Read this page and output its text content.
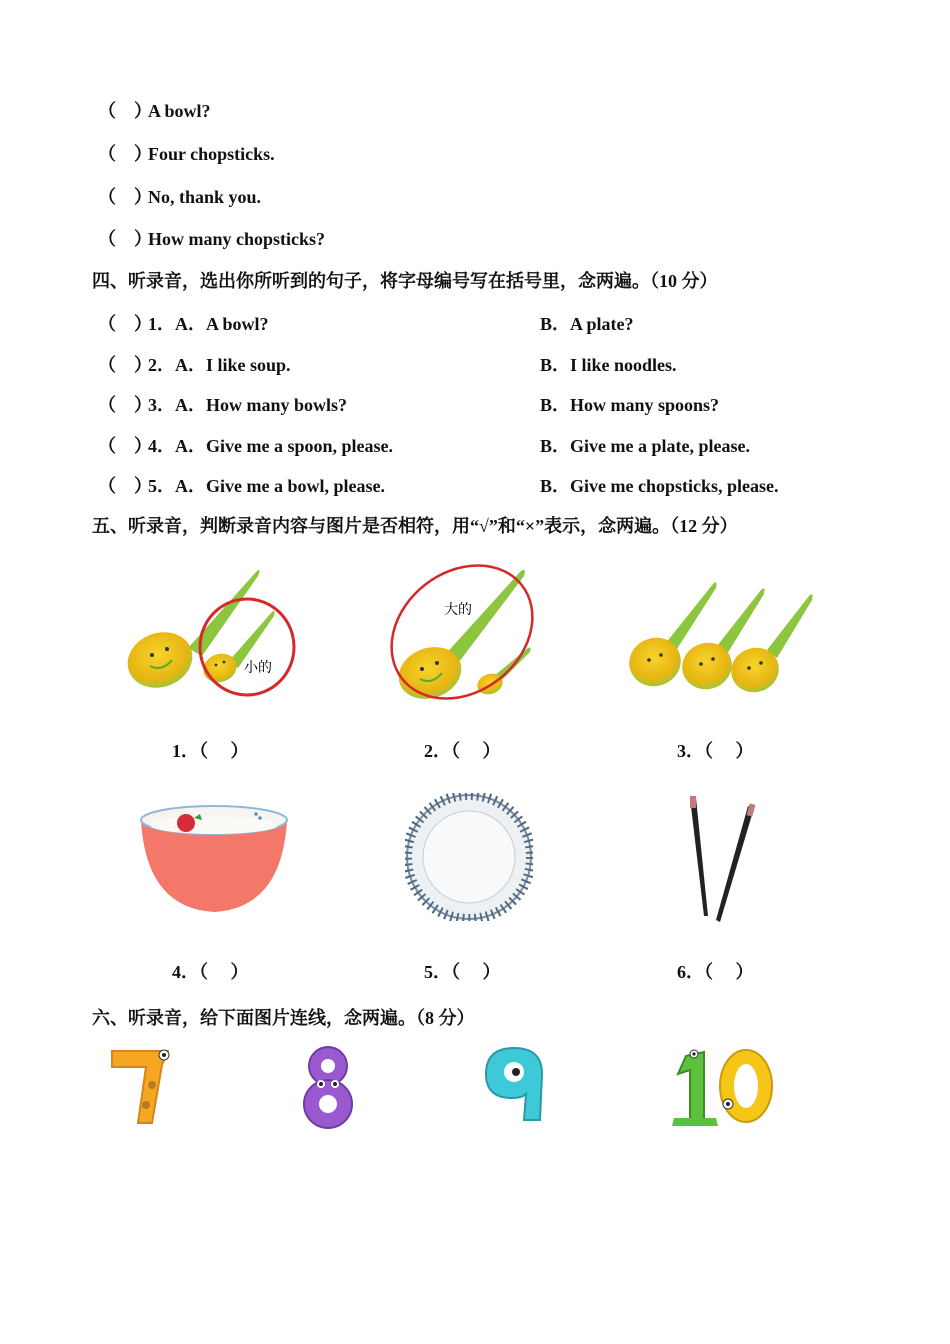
（　）A bowl?
（　）Four chopsticks.
（　）No, thank you.
（　）How many chopsticks?
四、听录音，选出你所听到的句子，将字母编号写在括号里，念两遍。（10 分）
（　）1．A．A bowl?	B．A plate?
（　）2．A．I like soup.	B．I like noodles.
（　）3．A．How many bowls?	B．How many spoons?
（　）4．A．Give me a spoon, please.	B．Give me a plate, please.
（　）5．A．Give me a bowl, please.	B．Give me chopsticks, please.
五、听录音，判断录音内容与图片是否相符，用“√”和“×”表示，念两遍。（12 分）
小的
大的
1．（　 ）	2．（　 ）	3．（　 ）
4．（　 ）	5．（　 ）	6．（　 ）
六、听录音，给下面图片连线，念两遍。（8 分）
